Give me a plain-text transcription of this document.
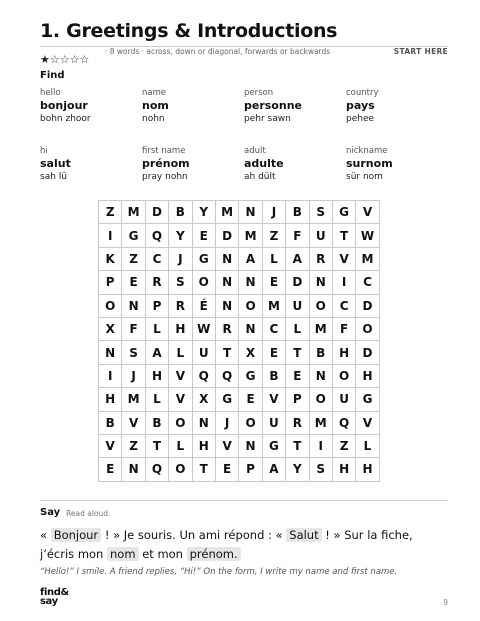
1. Greetings & Introductions
★☆☆☆☆
· 8 words · across, down or diagonal, forwards or backwards	START HERE
Find
hello
bonjour
bohn zhoor
name
nom
nohn
person
personne
pehr sawn
country
pays
pehee
hi
salut
sah lü
first name
prénom
pray nohn
adult
adulte
ah dült
nickname
surnom
sür nom
Z	M	D	B	Y	M	N	J	B	S	G	V
I	G	Q	Y	E	D	M	Z	F	U	T	W
K	Z	C	J	G	N	A	L	A	R	V	M
P	E	R	S	O	N	N	E	D	N	I	C
O	N	P	R	É	N	O	M	U	O	C	D
X	F	L	H	W	R	N	C	L	M	F	O
N	S	A	L	U	T	X	E	T	B	H	D
I	J	H	V	Q	Q	G	B	E	N	O	H
H	M	L	V	X	G	E	V	P	O	U	G
B	V	B	O	N	J	O	U	R	M	Q	V
V	Z	T	L	H	V	N	G	T	I	Z	L
E	N	Q	O	T	E	P	A	Y	S	H	H
Say Read aloud.
« Bonjour ! » Je souris. Un ami répond : « Salut ! » Sur la fiche, j’écris mon nom et mon prénom.
“Hello!” I smile. A friend replies, “Hi!” On the form, I write my name and first name.
find&
say	9
